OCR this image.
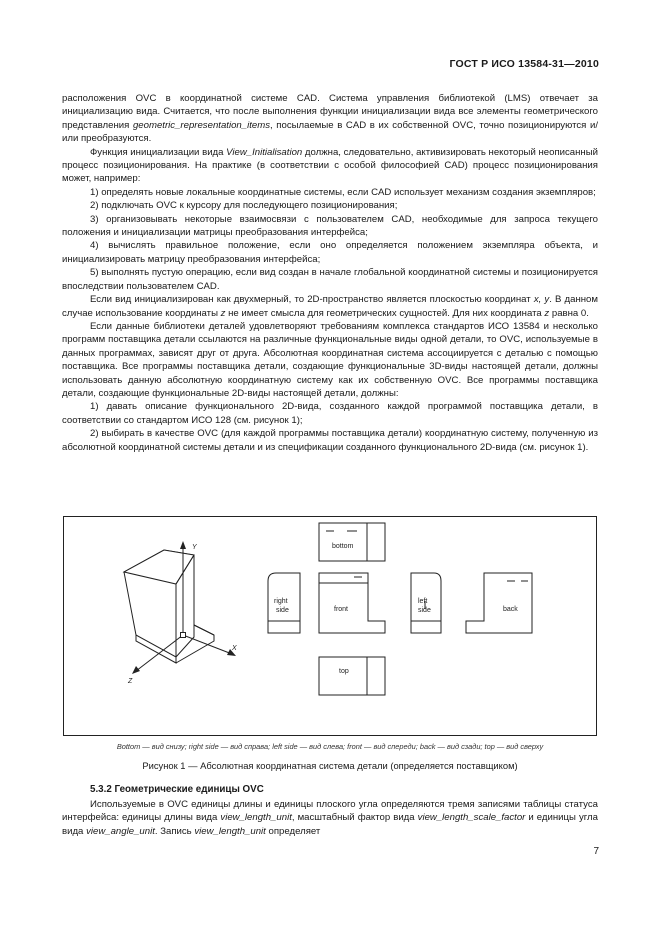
ГОСТ Р ИСО 13584-31—2010

расположения OVC в координатной системе CAD. Система управления библиотекой (LMS) отвечает за инициализацию вида. Считается, что после выполнения функции инициализации вида все элементы геометрического представления geometric_representation_items, посылаемые в CAD в их собственной OVC, точно позиционируются и/или преобразуются.

Функция инициализации вида View_Initialisation должна, следовательно, активизировать некоторый неописанный процесс позиционирования. На практике (в соответствии с особой философией CAD) процесс позиционирования может, например:

1) определять новые локальные координатные системы, если CAD использует механизм создания экземпляров;

2) подключать OVC к курсору для последующего позиционирования;

3) организовывать некоторые взаимосвязи с пользователем CAD, необходимые для запроса текущего положения и инициализации матрицы преобразования интерфейса;

4) вычислять правильное положение, если оно определяется положением экземпляра объекта, и инициализировать матрицу преобразования интерфейса;

5) выполнять пустую операцию, если вид создан в начале глобальной координатной системы и позиционируется впоследствии пользователем CAD.

Если вид инициализирован как двухмерный, то 2D-пространство является плоскостью координат x, y. В данном случае использование координаты z не имеет смысла для геометрических сущностей. Для них координата z равна 0.

Если данные библиотеки деталей удовлетворяют требованиям комплекса стандартов ИСО 13584 и несколько программ поставщика детали ссылаются на различные функциональные виды одной детали, то OVC, используемые в данных программах, зависят друг от друга. Абсолютная координатная система ассоциируется с деталью с помощью поставщика. Все программы поставщика детали, создающие функциональные 3D-виды настоящей детали, должны использовать данную абсолютную координатную систему как их собственную OVC. Все программы поставщика детали, создающие функциональные 2D-виды настоящей детали, должны:

1) давать описание функционального 2D-вида, созданного каждой программой поставщика детали, в соответствии со стандартом ИСО 128 (см. рисунок 1);

2) выбирать в качестве OVC (для каждой программы поставщика детали) координатную систему, полученную из абсолютной координатной системы детали и из спецификации созданного функционального 2D-вида (см. рисунок 1).

Y
X
Z
bottom
right
side	front
left
side	back
top
Bottom — вид снизу; right side — вид справа; left side — вид слева; front — вид спереди; back — вид сзади; top — вид сверху
Рисунок 1 — Абсолютная координатная система детали (определяется поставщиком)
5.3.2 Геометрические единицы OVC

Используемые в OVC единицы длины и единицы плоского угла определяются тремя записями таблицы статуса интерфейса: единицы длины вида view_length_unit, масштабный фактор вида view_length_scale_factor и единицы угла вида view_angle_unit. Запись view_length_unit определяет

7
